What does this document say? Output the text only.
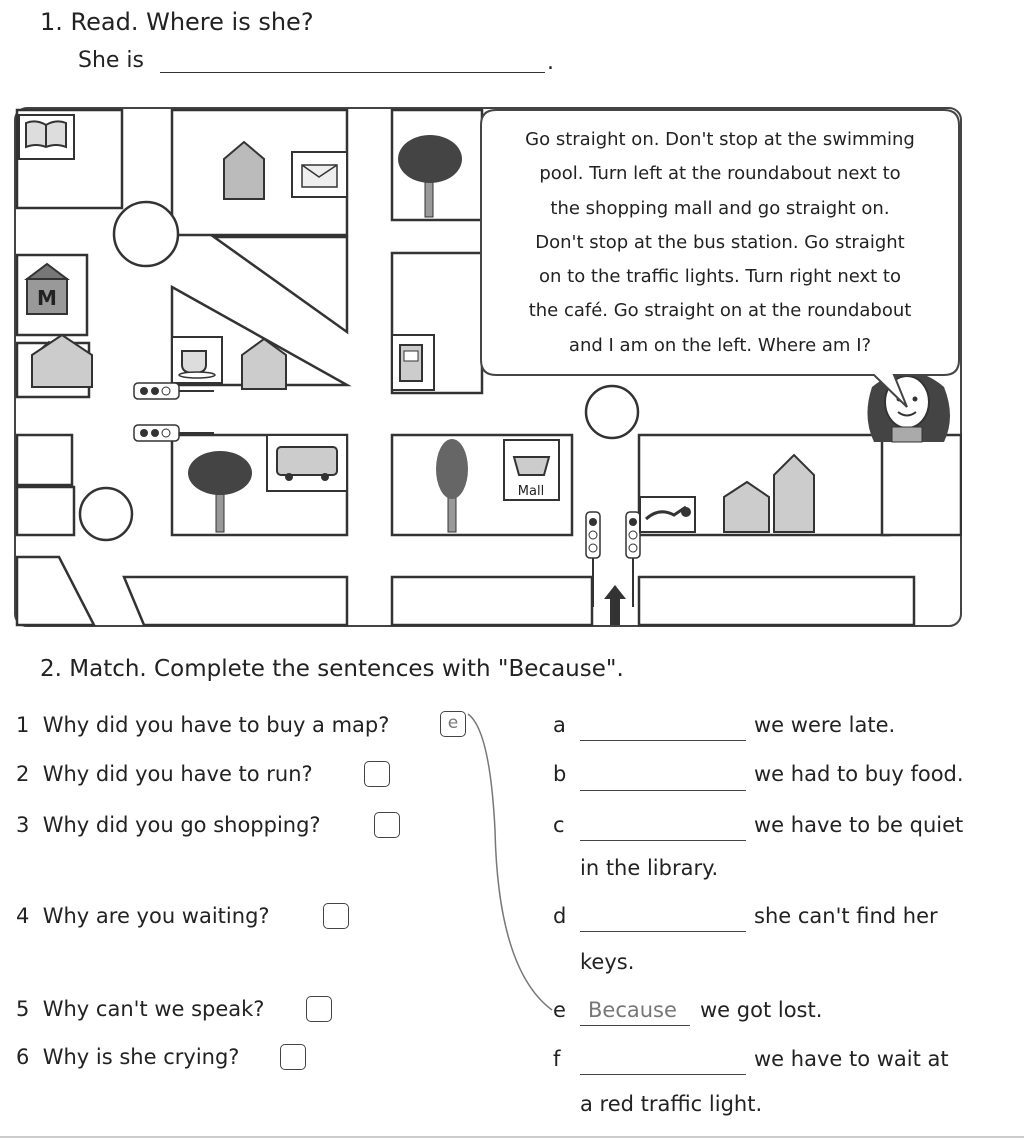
1. Read. Where is she?
She is	.
M
Mall
Go straight on. Don't stop at the swimming
pool. Turn left at the roundabout next to
the shopping mall and go straight on.
Don't stop at the bus station. Go straight
on to the traffic lights. Turn right next to
the café. Go straight on at the roundabout
and I am on the left. Where am I?
2. Match. Complete the sentences with "Because".
1 Why did you have to buy a map?	e
2 Why did you have to run?
3 Why did you go shopping?
4 Why are you waiting?
5 Why can't we speak?
6 Why is she crying?
a	we were late.
b	we had to buy food.
c	we have to be quiet
in the library.
d	she can't find her
keys.
e Because we got lost.
f	we have to wait at
a red traffic light.
